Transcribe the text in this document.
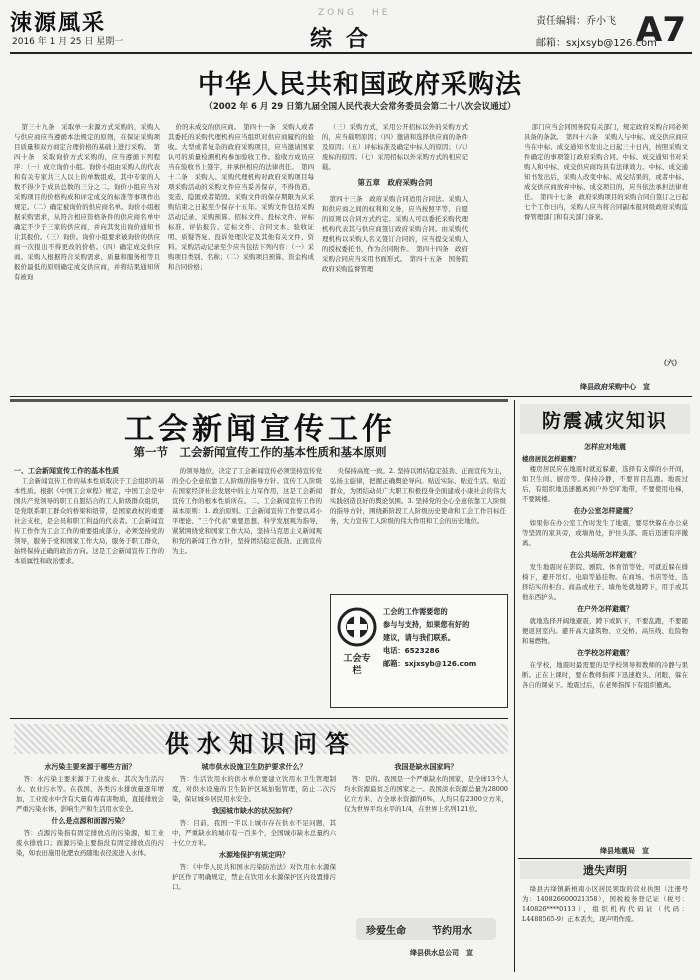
涑源風采
2016 年 1 月 25 日 星期一
ZONG HE
综合
责任编辑：乔小飞
邮箱：sxjxsyb@126.com
A7
中华人民共和国政府采购法
（2002 年 6 月 29 日第九届全国人民代表大会常务委员会第二十八次会议通过）

第三十九条　采取单一来源方式采购的，采购人与供应商应当遵循本法规定的原则，在保证采购项目质量和双方商定合理价格的基础上进行采购。　第四十条　采取询价方式采购的，应当遵循下列程序：（一）成立询价小组。询价小组由采购人的代表和有关专家共三人以上的单数组成，其中专家的人数不得少于成员总数的三分之二。询价小组应当对采购项目的价格构成和评定成交的标准等事项作出规定。（二）确定被询价的供应商名单。询价小组根据采购需求，从符合相应资格条件的供应商名单中确定不少于三家的供应商，并向其发出询价通知书让其报价。（三）询价。询价小组要求被询价的供应商一次报出不得更改的价格。（四）确定成交供应商。采购人根据符合采购需求、质量和服务相等且报价最低的原则确定成交供应商，并将结果通知所有被询

价的未成交的供应商。　第四十一条　采购人或者其委托的采购代理机构应当组织对供应商履约的验收。大型或者复杂的政府采购项目，应当邀请国家认可的质量检测机构参加验收工作。验收方成员应当在验收书上签字，并承担相应的法律责任。　第四十二条　采购人、采购代理机构对政府采购项目每项采购活动的采购文件应当妥善保存，不得伪造、变造、隐匿或者销毁。采购文件的保存期限为从采购结束之日起至少保存十五年。采购文件包括采购活动记录、采购预算、招标文件、投标文件、评标标准、评估报告、定标文件、合同文本、验收证明、质疑答复、投诉处理决定及其他有关文件、资料。采购活动记录至少应当包括下列内容：（一）采购项目类别、名称；（二）采购项目预算、资金构成和合同价格；

（三）采购方式，采用公开招标以外的采购方式的，应当载明原因；（四）邀请和选择供应商的条件及原因；（五）评标标准及确定中标人的原因；（六）废标的原因；（七）采用招标以外采购方式的相应记载。

第五章　政府采购合同

第四十三条　政府采购合同适用合同法。采购人和供应商之间的权利和义务，应当按照平等、自愿的原则以合同方式约定。采购人可以委托采购代理机构代表其与供应商签订政府采购合同。由采购代理机构以采购人名义签订合同的，应当提交采购人的授权委托书，作为合同附件。　第四十四条　政府采购合同应当采用书面形式。　第四十五条　国务院政府采购监督管理

部门应当会同国务院有关部门，规定政府采购合同必须具备的条款。　第四十六条　采购人与中标、成交供应商应当在中标、成交通知书发出之日起三十日内，按照采购文件确定的事项签订政府采购合同。中标、成交通知书对采购人和中标、成交供应商均具有法律效力。中标、成交通知书发出后，采购人改变中标、成交结果的，或者中标、成交供应商放弃中标、成交项目的，应当依法承担法律责任。　第四十七条　政府采购项目的采购合同自签订之日起七个工作日内，采购人应当将合同副本报同级政府采购监督管理部门和有关部门备案。

（六）
绛县政府采购中心　宣
工会新闻宣传工作
第一节　工会新闻宣传工作的基本性质和基本原则
一、工会新闻宣传工作的基本性质

工会新闻宣传工作的基本性质取决于工会组织的基本性质。根据《中国工会章程》规定，中国工会是中国共产党领导的职工自愿结合的工人阶级群众组织，是党联系职工群众的桥梁和纽带，是国家政权的重要社会支柱，是会员和职工利益的代表者。工会新闻宣传工作作为工会工作的重要组成部分，必须坚持党的领导，服务于党和国家工作大局，服务于职工群众，始终保持正确的政治方向。这是工会新闻宣传工作的本质属性和政治要求。

的领导地位，决定了工会新闻宣传必须坚持宣传党的全心全意依靠工人阶级的指导方针。宣传工人阶级在国家经济社会发展中的主力军作用，这是工会新闻宣传工作的根本性质所在。二、工会新闻宣传工作的基本原则：1. 政治原则。工会新闻宣传工作要以邓小平理论、“三个代表”重要思想、科学发展观为指导，紧紧围绕党和国家工作大局，坚持马克思主义新闻观和党的新闻工作方针，坚持团结稳定鼓劲、正面宣传为主。

央保持高度一致。2. 坚持以团结稳定鼓劲、正面宣传为主，弘扬主旋律，把握正确舆论导向。贴近实际、贴近生活、贴近群众，为团结动员广大职工积极投身全面建成小康社会的伟大实践创造良好的舆论氛围。3. 坚持党的全心全意依靠工人阶级的指导方针，围绕新阶段工人阶级历史使命和工会工作目标任务，大力宣传工人阶级的伟大作用和工会的历史地位。

工会专栏
工会的工作需要您的
参与与支持，如果您有好的
建议，请与我们联系。
电话：6523286
邮箱：sxjxsyb@126.com
防震减灾知识
怎样应对地震
楼房居民怎样避震？

楼房居民应在地震时就近躲避，选择有支撑的小开间，如卫生间、厨房等。保持冷静，不要盲目乱跑。地震过后，有组织地迅速撤离到户外空旷地带，不要使用电梯，不要跳楼。

在办公室怎样避震？

如果你在办公室工作时发生了地震，要尽快躲在办公桌等坚固的家具旁，或墙角处，护住头部。震后迅速有序撤离。

在公共场所怎样避震？

发生地震时在影院、剧院、体育馆等处，可就近躲在排椅下，避开吊灯、电扇等悬挂物。在商场、书店等处，选择结实的柜台、商品或柱子、墙角处就地蹲下，用手或其他东西护头。

在户外怎样避震？

就地选择开阔地避震，蹲下或趴下，不要乱跑，不要随便返回室内。避开高大建筑物、立交桥、高压线、危险物和易燃物。

在学校怎样避震？

在学校，地震时最需要的是学校领导和教师的冷静与果断。正在上课时，要在教师指挥下迅速抱头、闭眼，躲在各自的课桌下。地震过后，在老师指挥下有组织撤离。

绛县地震局　宣
遗失声明

绛县古绛镇新梧南小区居民领取的营业执照（注册号为：140826600021358），国税税务登记证（税号：140826****0113），组织机构代码证（代码：L4488565-9）正本丢失，现声明作废。

供水知识问答
水污染主要来源于哪些方面？

答：水污染主要来源于工业废水、其次为生活污水、农业污水等。在我国，各类污水排放量逐年增加，工业废水中含有大量有毒有害物质，直接排放会严重污染水体，影响生产和生活用水安全。

什么是点源和面源污染？

答：点源污染指有固定排放点的污染源，如工业废水排放口；面源污染主要指没有固定排放点的污染，如农田施用化肥农药随地表径流进入水体。

城市供水设施卫生防护要求什么？

答：生活饮用水的供水单位要建立饮用水卫生管理制度，对供水设施的卫生防护区域加强管理，防止二次污染，保证城乡居民用水安全。

我国城市缺水的状况如何？

答：目前，我国一半以上城市存在供水不足问题，其中，严重缺水的城市有一百多个，全国城市缺水总量约六十亿立方米。

水源地保护有规定吗？

答：《中华人民共和国水污染防治法》对饮用水水源保护区作了明确规定，禁止在饮用水水源保护区内设置排污口。

我国是缺水国家吗？

答：是的。我国是一个严重缺水的国家，是全球13个人均水资源最贫乏的国家之一。我国淡水资源总量为28000亿立方米，占全球水资源的6%，人均只有2300立方米，仅为世界平均水平的1/4，在世界上名列121位。

珍爱生命	节约用水
绛县供水总公司　宣
